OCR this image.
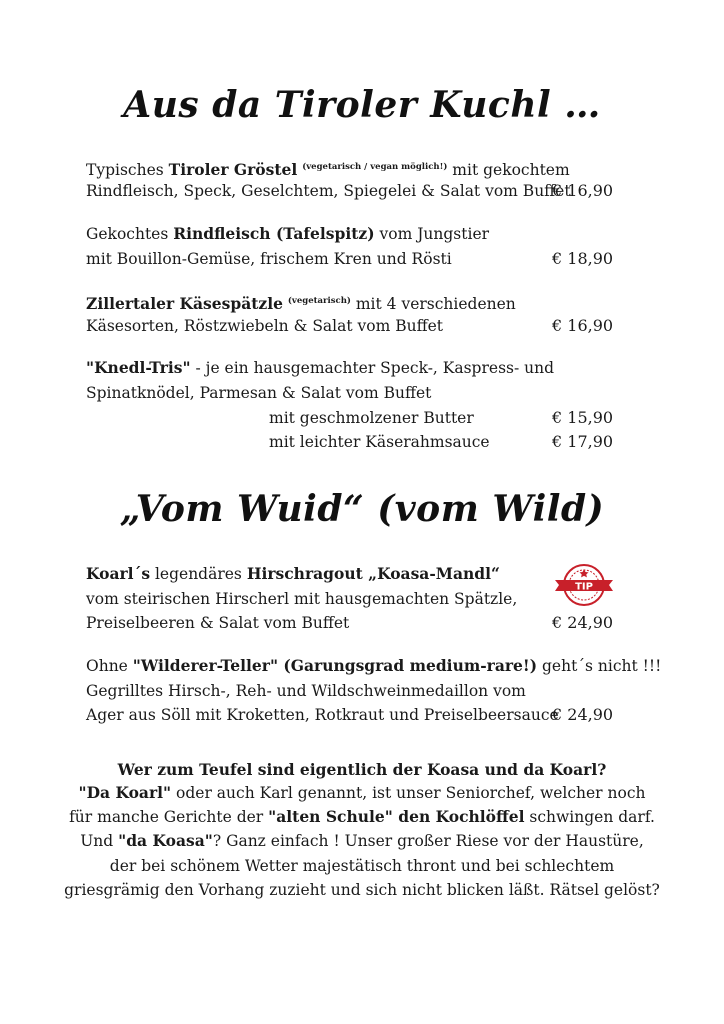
Aus da Tiroler Kuchl …
Typisches Tiroler Gröstel $^{(vegetarisch / vegan möglich!)}$ mit gekochtem
Rindfleisch, Speck, Geselchtem, Spiegelei & Salat vom Buffet
€ 16,90
Gekochtes Rindfleisch (Tafelspitz) vom Jungstier
mit Bouillon-Gemüse, frischem Kren und Rösti	€ 18,90
Zillertaler Käsespätzle $^{(vegetarisch)}$ mit 4 verschiedenen
Käsesorten, Röstzwiebeln & Salat vom Buffet	€ 16,90
"Knedl-Tris" - je ein hausgemachter Speck-, Kaspress- und
Spinatknödel, Parmesan & Salat vom Buffet
mit geschmolzener Butter	€ 15,90
mit leichter Käserahmsauce	€ 17,90
„Vom Wuid“ (vom Wild)
Koarl´s legendäres Hirschragout „Koasa-Mandl“
vom steirischen Hirscherl mit hausgemachten Spätzle,
Preiselbeeren & Salat vom Buffet	€ 24,90
TIP
Ohne "Wilderer-Teller" (Garungsgrad medium-rare!) geht´s nicht !!!
Gegrilltes Hirsch-, Reh- und Wildschweinmedaillon vom
Ager aus Söll mit Kroketten, Rotkraut und Preiselbeersauce
€ 24,90
Wer zum Teufel sind eigentlich der Koasa und da Koarl?
"Da Koarl" oder auch Karl genannt, ist unser Seniorchef, welcher noch
für manche Gerichte der "alten Schule" den Kochlöffel schwingen darf.
Und "da Koasa"? Ganz einfach ! Unser großer Riese vor der Haustüre,
der bei schönem Wetter majestätisch thront und bei schlechtem
griesgrämig den Vorhang zuzieht und sich nicht blicken läßt. Rätsel gelöst?
